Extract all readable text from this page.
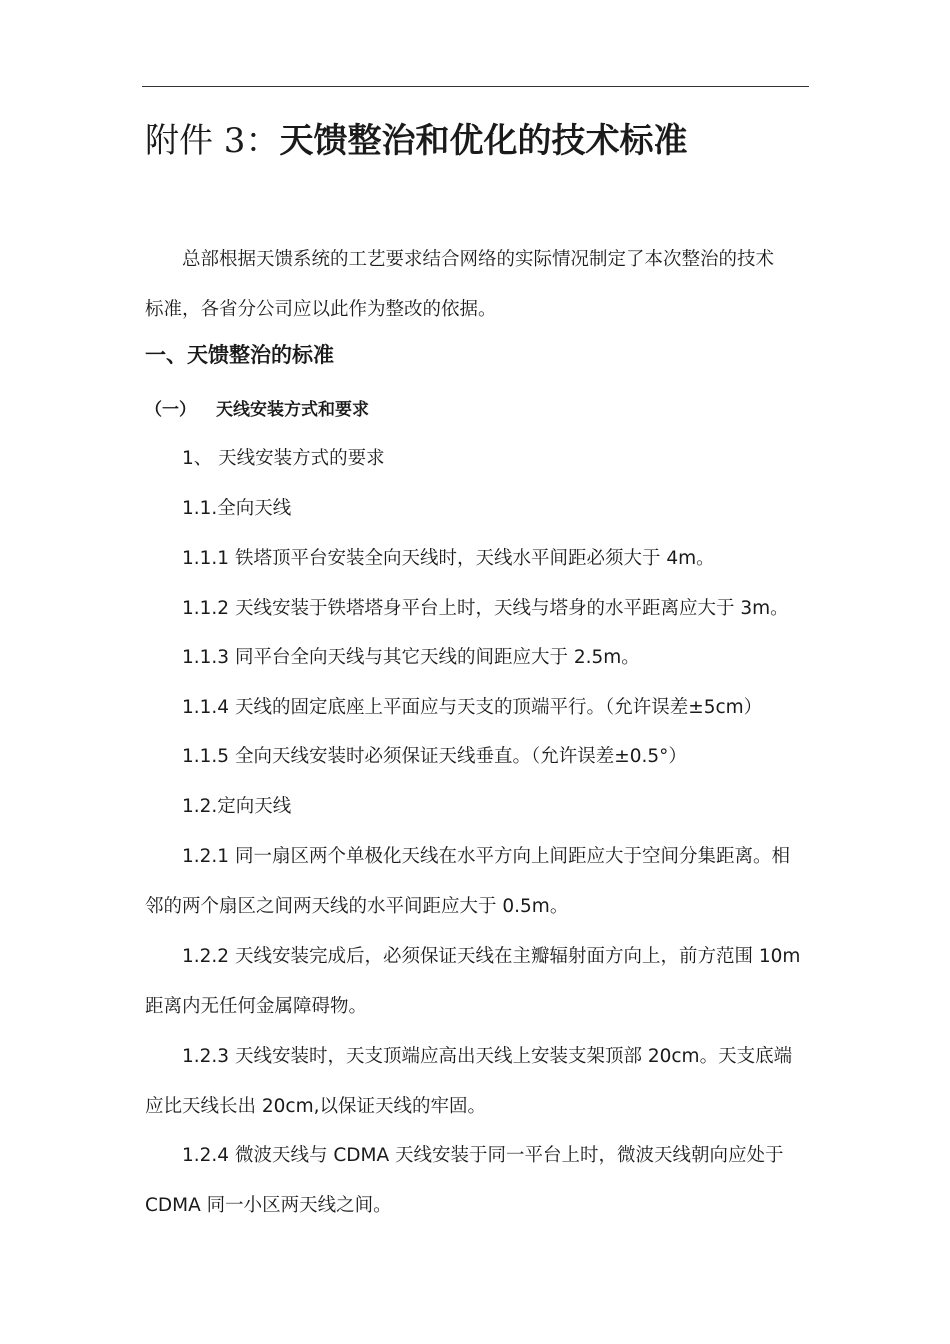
附件 3：天馈整治和优化的技术标准
总部根据天馈系统的工艺要求结合网络的实际情况制定了本次整治的技术
标准，各省分公司应以此作为整改的依据。
一、天馈整治的标准
（一） 天线安装方式和要求
1、 天线安装方式的要求
1.1.全向天线
1.1.1 铁塔顶平台安装全向天线时，天线水平间距必须大于 4m。
1.1.2 天线安装于铁塔塔身平台上时，天线与塔身的水平距离应大于 3m。
1.1.3 同平台全向天线与其它天线的间距应大于 2.5m。
1.1.4 天线的固定底座上平面应与天支的顶端平行。（允许误差±5cm）
1.1.5 全向天线安装时必须保证天线垂直。（允许误差±0.5°）
1.2.定向天线
1.2.1 同一扇区两个单极化天线在水平方向上间距应大于空间分集距离。相
邻的两个扇区之间两天线的水平间距应大于 0.5m。
1.2.2 天线安装完成后，必须保证天线在主瓣辐射面方向上，前方范围 10m
距离内无任何金属障碍物。
1.2.3 天线安装时，天支顶端应高出天线上安装支架顶部 20cm。天支底端
应比天线长出 20cm,以保证天线的牢固。
1.2.4 微波天线与 CDMA 天线安装于同一平台上时，微波天线朝向应处于
CDMA 同一小区两天线之间。
